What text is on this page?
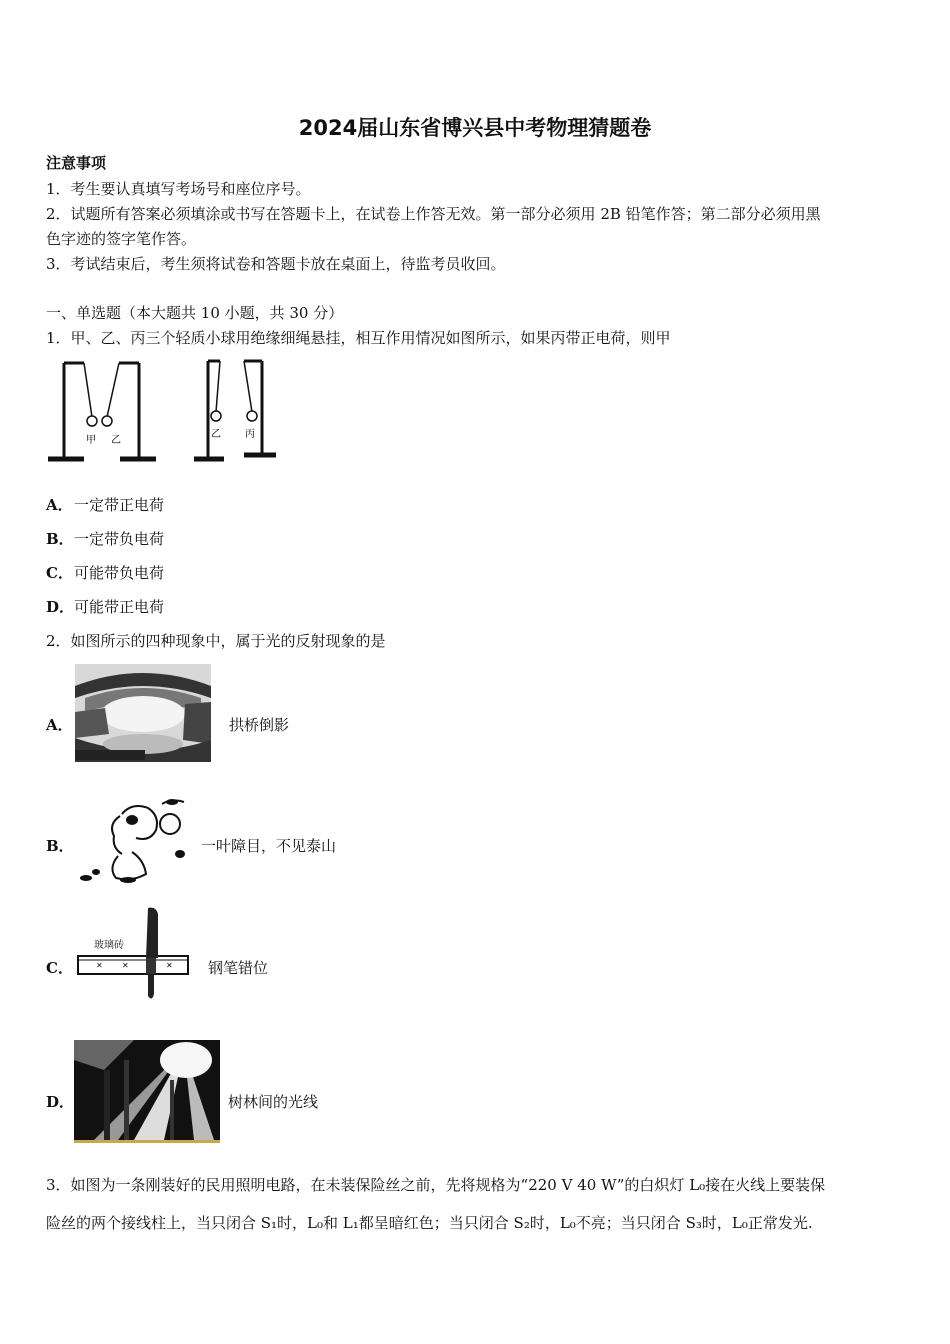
2024届山东省博兴县中考物理猜题卷
注意事项
1．考生要认真填写考场号和座位序号。
2．试题所有答案必须填涂或书写在答题卡上，在试卷上作答无效。第一部分必须用 2B 铅笔作答；第二部分必须用黑
色字迹的签字笔作答。
3．考试结束后，考生须将试卷和答题卡放在桌面上，待监考员收回。
一、单选题（本大题共 10 小题，共 30 分）
1．甲、乙、丙三个轻质小球用绝缘细绳悬挂，相互作用情况如图所示，如果丙带正电荷，则甲
甲 乙
乙 丙
A． 一定带正电荷
B． 一定带负电荷
C． 可能带负电荷
D． 可能带正电荷
2．如图所示的四种现象中，属于光的反射现象的是
A．	拱桥倒影
B．	一叶障目，不见泰山
C．	✕ ✕	✕
玻璃砖
钢笔错位
D．	树林间的光线
3．如图为一条刚装好的民用照明电路，在未装保险丝之前，先将规格为“220 V 40 W”的白炽灯 L₀接在火线上要装保
险丝的两个接线柱上，当只闭合 S₁时，L₀和 L₁都呈暗红色；当只闭合 S₂时，L₀不亮；当只闭合 S₃时，L₀正常发光.
